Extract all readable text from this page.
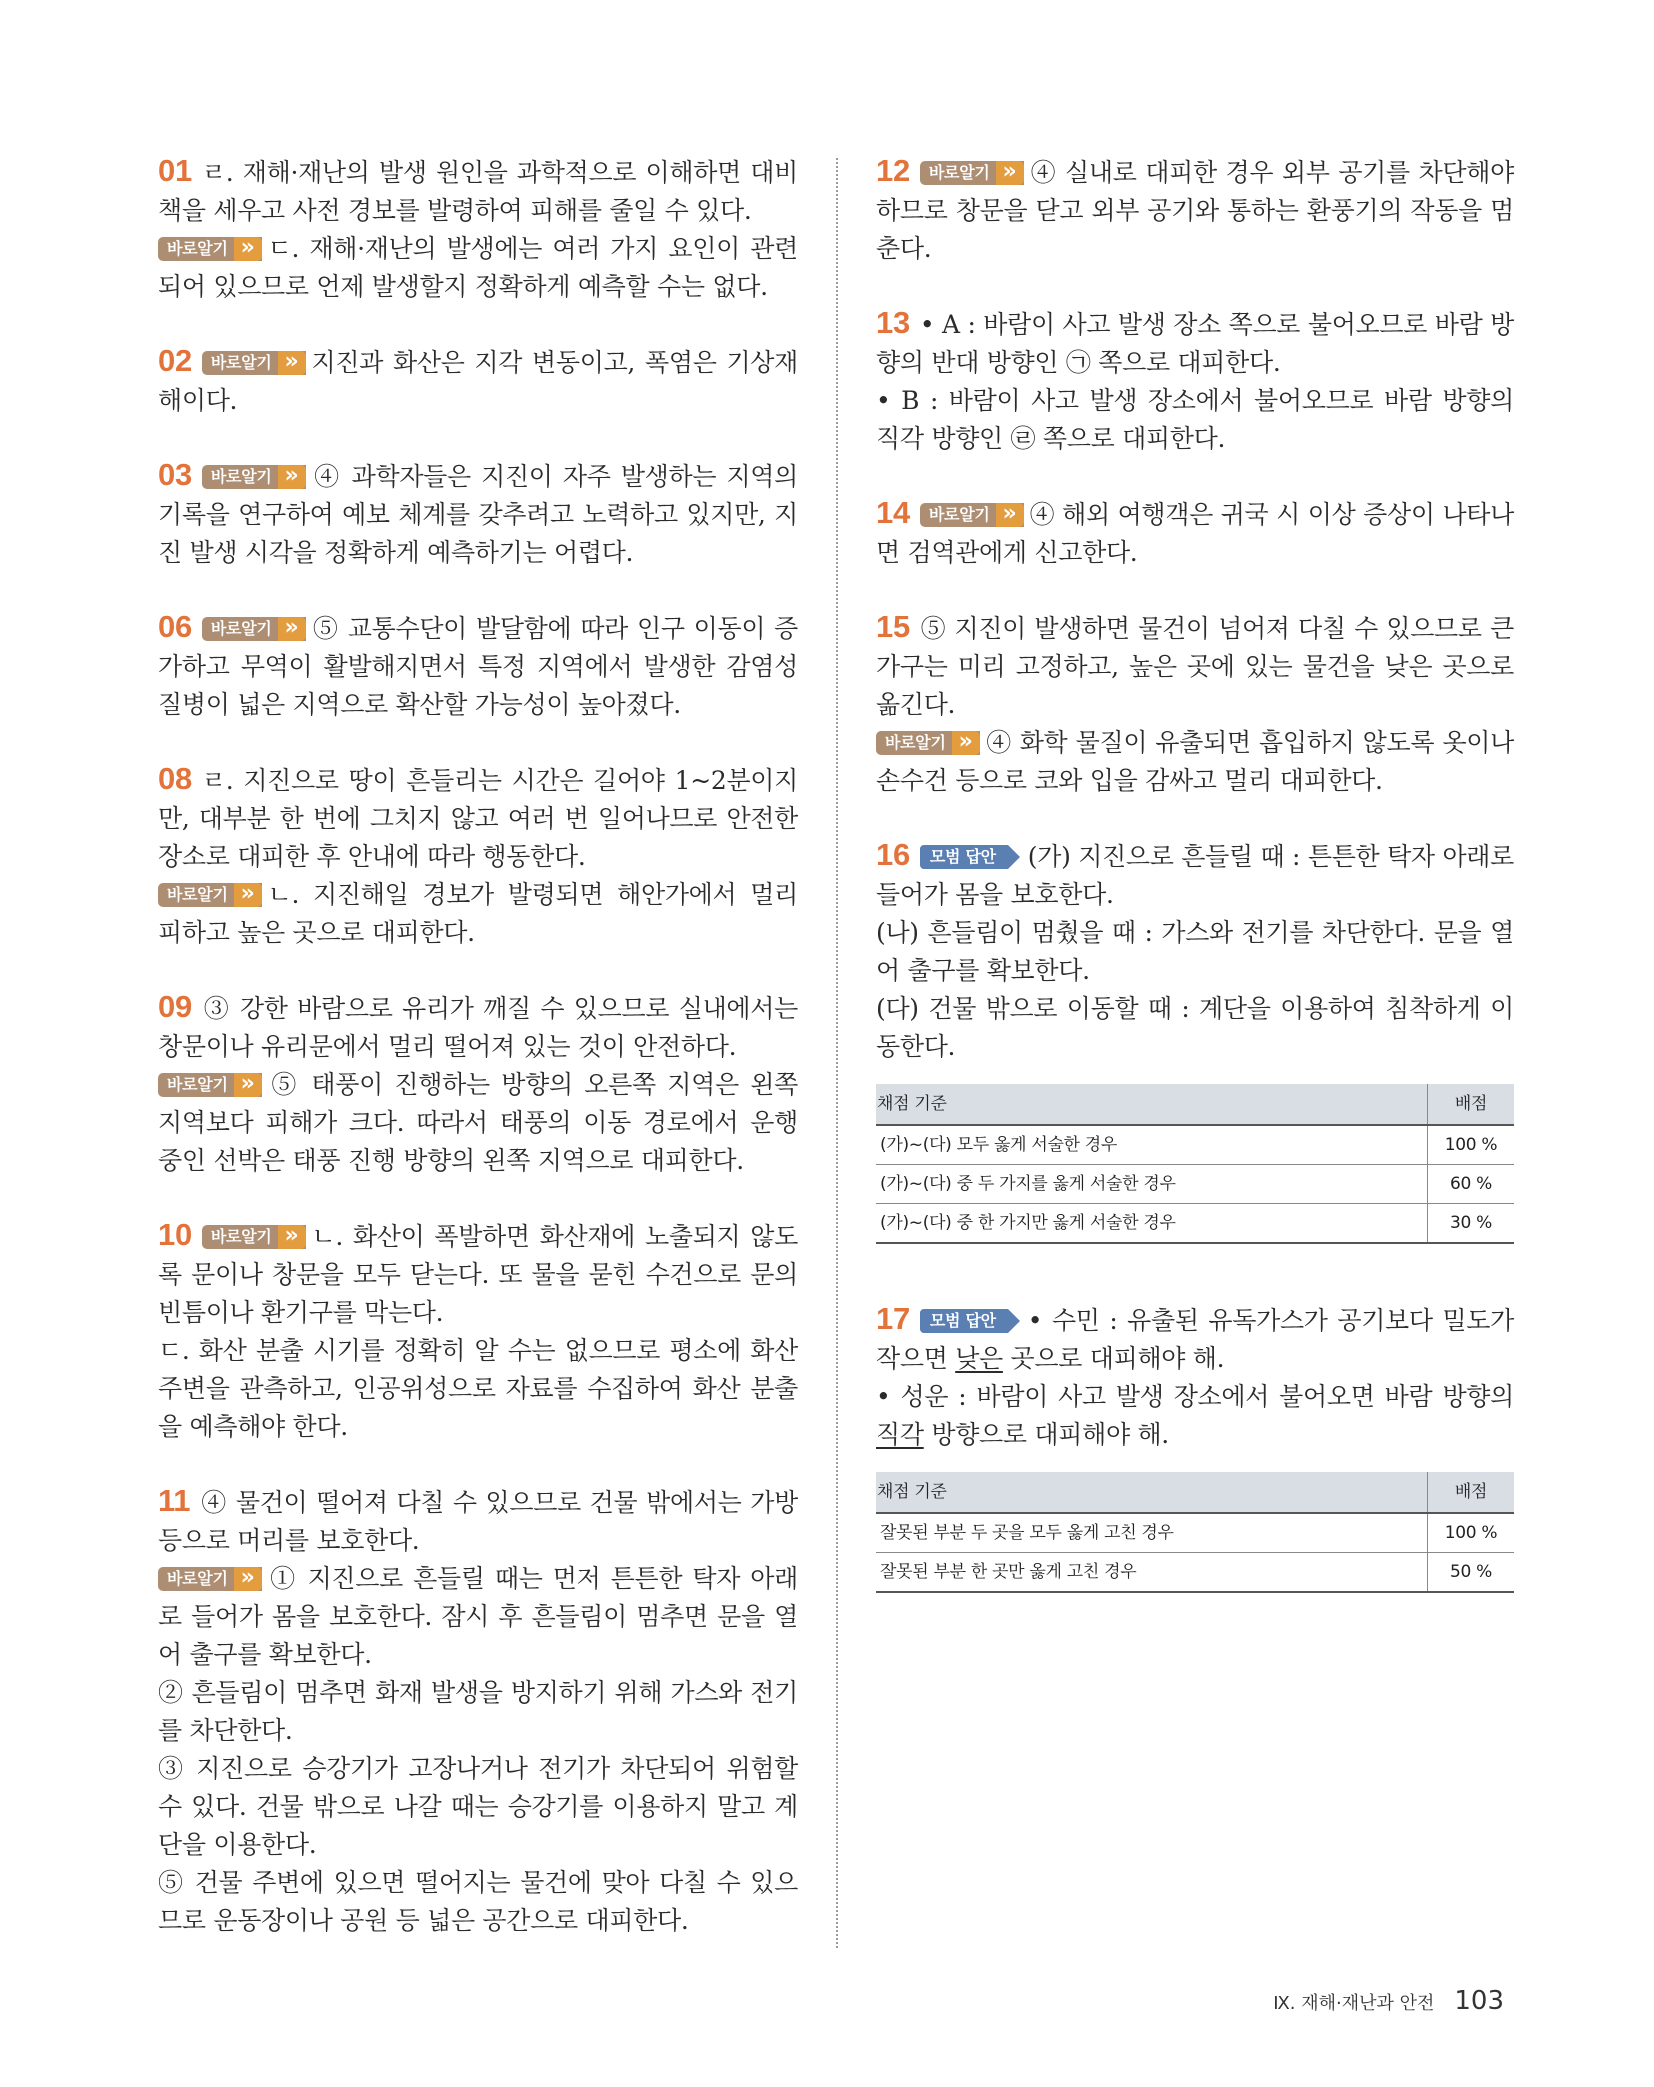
01 ㄹ. 재해·재난의 발생 원인을 과학적으로 이해하면 대비책을 세우고 사전 경보를 발령하여 피해를 줄일 수 있다.
바로알기 » ㄷ. 재해·재난의 발생에는 여러 가지 요인이 관련되어 있으므로 언제 발생할지 정확하게 예측할 수는 없다.
02 바로알기 » 지진과 화산은 지각 변동이고, 폭염은 기상재해이다.
03 바로알기 » ④ 과학자들은 지진이 자주 발생하는 지역의 기록을 연구하여 예보 체계를 갖추려고 노력하고 있지만, 지진 발생 시각을 정확하게 예측하기는 어렵다.
06 바로알기 » ⑤ 교통수단이 발달함에 따라 인구 이동이 증가하고 무역이 활발해지면서 특정 지역에서 발생한 감염성 질병이 넓은 지역으로 확산할 가능성이 높아졌다.
08 ㄹ. 지진으로 땅이 흔들리는 시간은 길어야 1~2분이지만, 대부분 한 번에 그치지 않고 여러 번 일어나므로 안전한 장소로 대피한 후 안내에 따라 행동한다.
바로알기 » ㄴ. 지진해일 경보가 발령되면 해안가에서 멀리 피하고 높은 곳으로 대피한다.
09 ③ 강한 바람으로 유리가 깨질 수 있으므로 실내에서는 창문이나 유리문에서 멀리 떨어져 있는 것이 안전하다.
바로알기 » ⑤ 태풍이 진행하는 방향의 오른쪽 지역은 왼쪽 지역보다 피해가 크다. 따라서 태풍의 이동 경로에서 운행 중인 선박은 태풍 진행 방향의 왼쪽 지역으로 대피한다.
10 바로알기 » ㄴ. 화산이 폭발하면 화산재에 노출되지 않도록 문이나 창문을 모두 닫는다. 또 물을 묻힌 수건으로 문의 빈틈이나 환기구를 막는다.
ㄷ. 화산 분출 시기를 정확히 알 수는 없으므로 평소에 화산 주변을 관측하고, 인공위성으로 자료를 수집하여 화산 분출을 예측해야 한다.
11 ④ 물건이 떨어져 다칠 수 있으므로 건물 밖에서는 가방 등으로 머리를 보호한다.
바로알기 » ① 지진으로 흔들릴 때는 먼저 튼튼한 탁자 아래로 들어가 몸을 보호한다. 잠시 후 흔들림이 멈추면 문을 열어 출구를 확보한다.
② 흔들림이 멈추면 화재 발생을 방지하기 위해 가스와 전기를 차단한다.
③ 지진으로 승강기가 고장나거나 전기가 차단되어 위험할 수 있다. 건물 밖으로 나갈 때는 승강기를 이용하지 말고 계단을 이용한다.
⑤ 건물 주변에 있으면 떨어지는 물건에 맞아 다칠 수 있으므로 운동장이나 공원 등 넓은 공간으로 대피한다.
12 바로알기 » ④ 실내로 대피한 경우 외부 공기를 차단해야 하므로 창문을 닫고 외부 공기와 통하는 환풍기의 작동을 멈춘다.
13 • A : 바람이 사고 발생 장소 쪽으로 불어오므로 바람 방향의 반대 방향인 ㉠ 쪽으로 대피한다.
• B : 바람이 사고 발생 장소에서 불어오므로 바람 방향의 직각 방향인 ㉣ 쪽으로 대피한다.
14 바로알기 » ④ 해외 여행객은 귀국 시 이상 증상이 나타나면 검역관에게 신고한다.
15 ⑤ 지진이 발생하면 물건이 넘어져 다칠 수 있으므로 큰 가구는 미리 고정하고, 높은 곳에 있는 물건을 낮은 곳으로 옮긴다.
바로알기 » ④ 화학 물질이 유출되면 흡입하지 않도록 옷이나 손수건 등으로 코와 입을 감싸고 멀리 대피한다.
16 모범 답안 (가) 지진으로 흔들릴 때 : 튼튼한 탁자 아래로 들어가 몸을 보호한다.
(나) 흔들림이 멈췄을 때 : 가스와 전기를 차단한다. 문을 열어 출구를 확보한다.
(다) 건물 밖으로 이동할 때 : 계단을 이용하여 침착하게 이동한다.
채점 기준	배점
(가)~(다) 모두 옳게 서술한 경우	100 %
(가)~(다) 중 두 가지를 옳게 서술한 경우	60 %
(가)~(다) 중 한 가지만 옳게 서술한 경우	30 %
17 모범 답안 • 수민 : 유출된 유독가스가 공기보다 밀도가 작으면 낮은 곳으로 대피해야 해.
• 성운 : 바람이 사고 발생 장소에서 불어오면 바람 방향의 직각 방향으로 대피해야 해.
채점 기준	배점
잘못된 부분 두 곳을 모두 옳게 고친 경우	100 %
잘못된 부분 한 곳만 옳게 고친 경우	50 %
Ⅸ. 재해·재난과 안전 103
